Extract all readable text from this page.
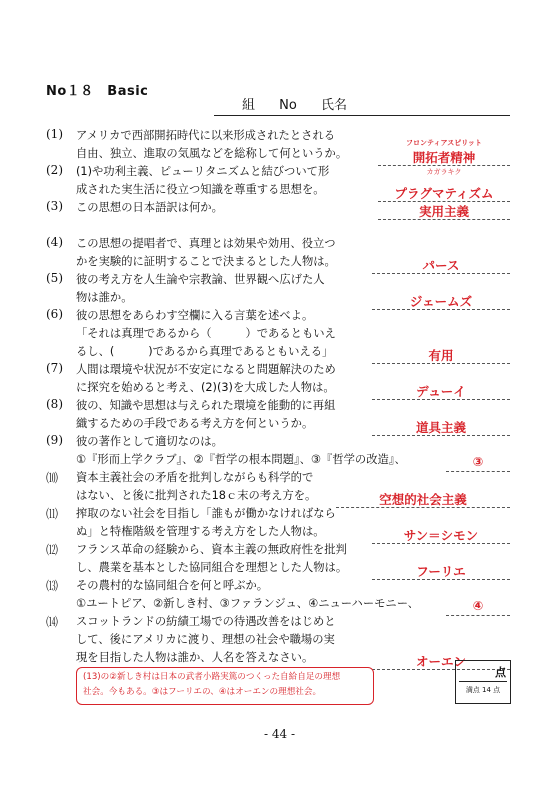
No１８　Basic
組 No 氏名
(1)	アメリカで西部開拓時代に以来形成されたとされる
自由、独立、進取の気風などを総称して何というか。	開拓者精神
フロンティアスピリット
カガラキク
(2)	(1)や功利主義、ピューリタニズムと結びついて形
成された実生活に役立つ知識を尊重する思想を。	プラグマティズム
(3)	この思想の日本語訳は何か。	実用主義
(4)	この思想の提唱者で、真理とは効果や効用、役立つ
かを実験的に証明することで決まるとした人物は。	パース
(5)	彼の考え方を人生論や宗教論、世界観へ広げた人
物は誰か。	ジェームズ
(6)	彼の思想をあらわす空欄に入る言葉を述べよ。
「それは真理であるから（　　　）であるともいえ
るし、(　　　)であるから真理であるともいえる」	有用
(7)	人間は環境や状況が不安定になると問題解決のため
に探究を始めると考え、(2)(3)を大成した人物は。	デューイ
(8)	彼の、知識や思想は与えられた環境を能動的に再組
織するための手段である考え方を何というか。	道具主義
(9)	彼の著作として適切なのは。
①『形而上学クラブ』、②『哲学の根本問題』、③『哲学の改造』、	③
⑽	資本主義社会の矛盾を批判しながらも科学的で
はない、と後に批判された18ｃ末の考え方を。	空想的社会主義
⑾	搾取のない社会を目指し「誰もが働かなければなら
ぬ」と特権階級を管理する考え方をした人物は。	サン＝シモン
⑿	フランス革命の経験から、資本主義の無政府性を批判
し、農業を基本とした協同組合を理想とした人物は。	フーリエ
⒀	その農村的な協同組合を何と呼ぶか。
①ユートピア、②新しき村、③ファランジュ、④ニューハーモニー、	④
⒁	スコットランドの紡績工場での待遇改善をはじめと
して、後にアメリカに渡り、理想の社会や職場の実
現を目指した人物は誰か、人名を答えなさい。	オーエン
(13)の②新しき村は日本の武者小路実篤のつくった自給自足の理想
社会。今もある。③はフーリエの、④はオーエンの理想社会。
点
満点 14 点
- 44 -
